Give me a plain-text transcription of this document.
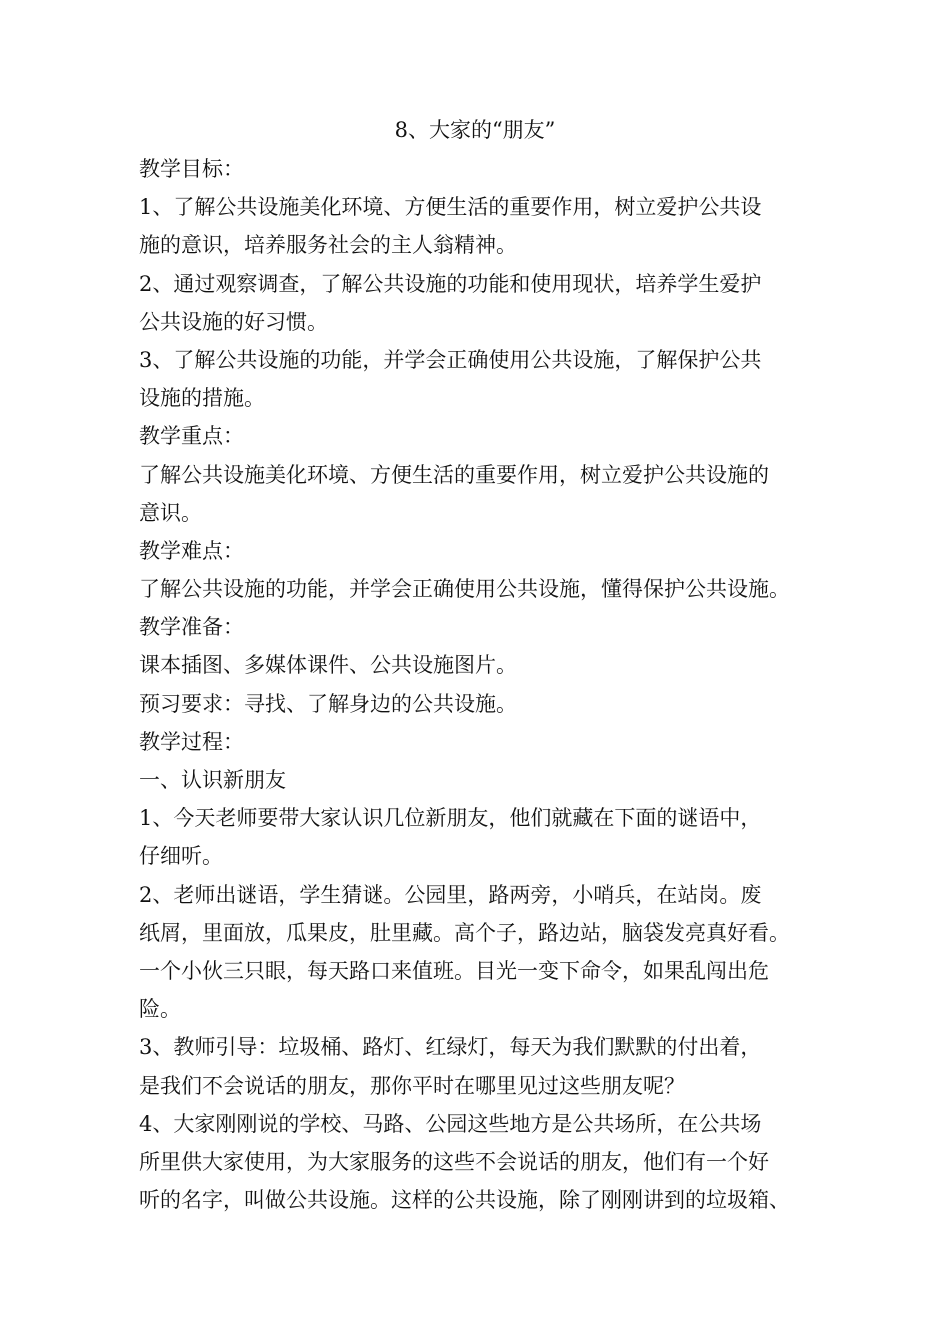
8、大家的“朋友”
教学目标：
1、了解公共设施美化环境、方便生活的重要作用，树立爱护公共设
施的意识，培养服务社会的主人翁精神。
2、通过观察调查，了解公共设施的功能和使用现状，培养学生爱护
公共设施的好习惯。
3、了解公共设施的功能，并学会正确使用公共设施，了解保护公共
设施的措施。
教学重点：
了解公共设施美化环境、方便生活的重要作用，树立爱护公共设施的
意识。
教学难点：
了解公共设施的功能，并学会正确使用公共设施，懂得保护公共设施。
教学准备：
课本插图、多媒体课件、公共设施图片。
预习要求：寻找、了解身边的公共设施。
教学过程：
一、认识新朋友
1、今天老师要带大家认识几位新朋友，他们就藏在下面的谜语中，
仔细听。
2、老师出谜语，学生猜谜。公园里，路两旁，小哨兵，在站岗。废
纸屑，里面放，瓜果皮，肚里藏。高个子，路边站，脑袋发亮真好看。
一个小伙三只眼，每天路口来值班。目光一变下命令，如果乱闯出危
险。
3、教师引导：垃圾桶、路灯、红绿灯，每天为我们默默的付出着，
是我们不会说话的朋友，那你平时在哪里见过这些朋友呢？
4、大家刚刚说的学校、马路、公园这些地方是公共场所，在公共场
所里供大家使用，为大家服务的这些不会说话的朋友，他们有一个好
听的名字，叫做公共设施。这样的公共设施，除了刚刚讲到的垃圾箱、
